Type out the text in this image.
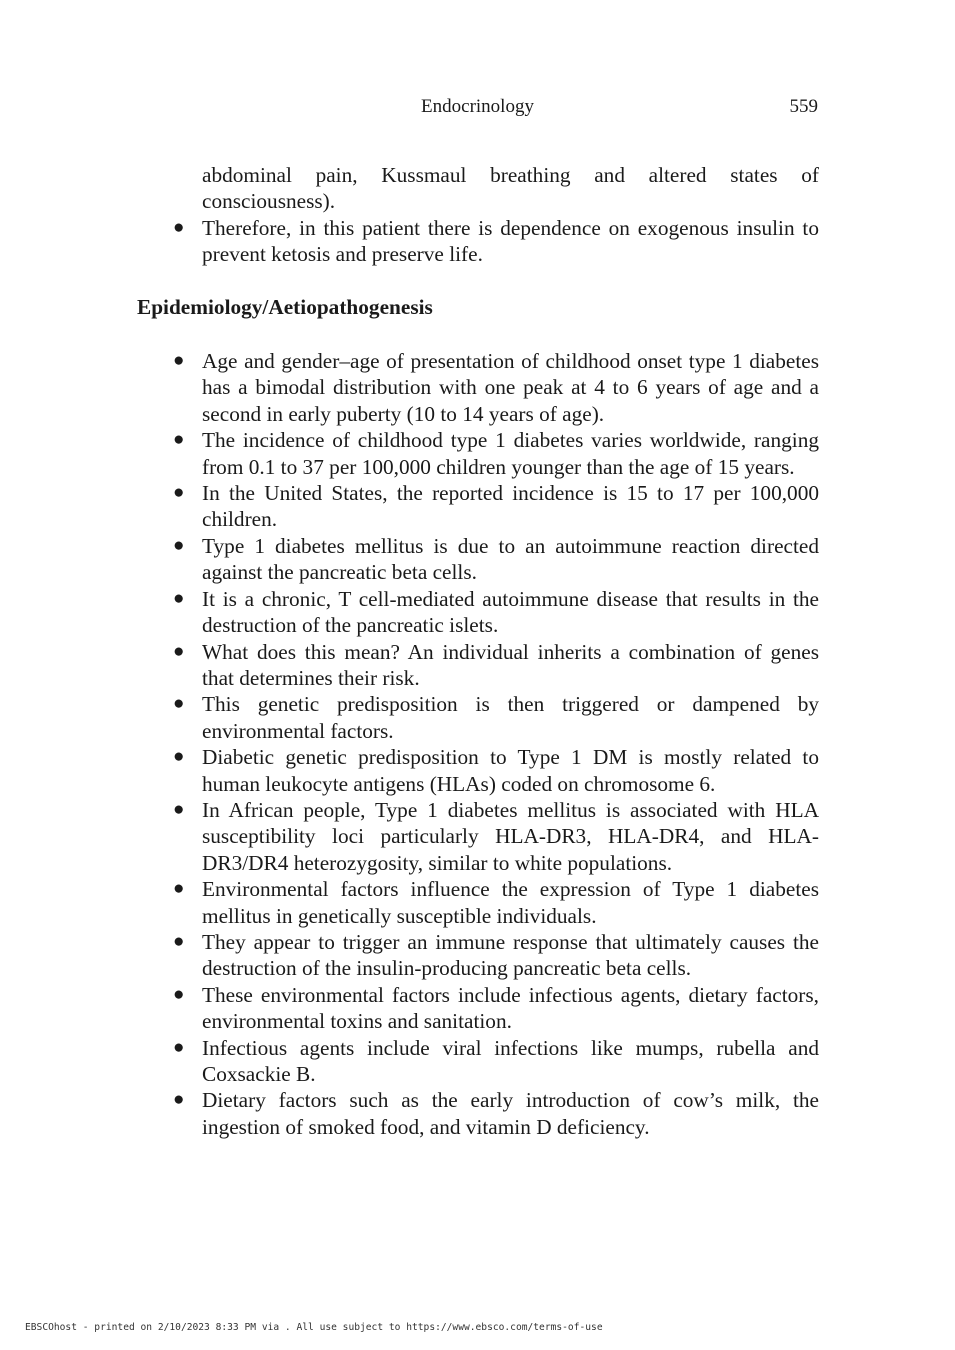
Endocrinology	559
abdominal pain, Kussmaul breathing and altered states of consciousness).
● Therefore, in this patient there is dependence on exogenous insulin to prevent ketosis and preserve life.
Epidemiology/Aetiopathogenesis
● Age and gender–age of presentation of childhood onset type 1 diabetes has a bimodal distribution with one peak at 4 to 6 years of age and a second in early puberty (10 to 14 years of age).
● The incidence of childhood type 1 diabetes varies worldwide, ranging from 0.1 to 37 per 100,000 children younger than the age of 15 years.
● In the United States, the reported incidence is 15 to 17 per 100,000 children.
● Type 1 diabetes mellitus is due to an autoimmune reaction directed against the pancreatic beta cells.
● It is a chronic, T cell-mediated autoimmune disease that results in the destruction of the pancreatic islets.
● What does this mean? An individual inherits a combination of genes that determines their risk.
● This genetic predisposition is then triggered or dampened by environmental factors.
● Diabetic genetic predisposition to Type 1 DM is mostly related to human leukocyte antigens (HLAs) coded on chromosome 6.
● In African people, Type 1 diabetes mellitus is associated with HLA susceptibility loci particularly HLA-DR3, HLA-DR4, and HLA-DR3/DR4 heterozygosity, similar to white populations.
● Environmental factors influence the expression of Type 1 diabetes mellitus in genetically susceptible individuals.
● They appear to trigger an immune response that ultimately causes the destruction of the insulin-producing pancreatic beta cells.
● These environmental factors include infectious agents, dietary factors, environmental toxins and sanitation.
● Infectious agents include viral infections like mumps, rubella and Coxsackie B.
● Dietary factors such as the early introduction of cow’s milk, the ingestion of smoked food, and vitamin D deficiency.
EBSCOhost - printed on 2/10/2023 8:33 PM via . All use subject to https://www.ebsco.com/terms-of-use
